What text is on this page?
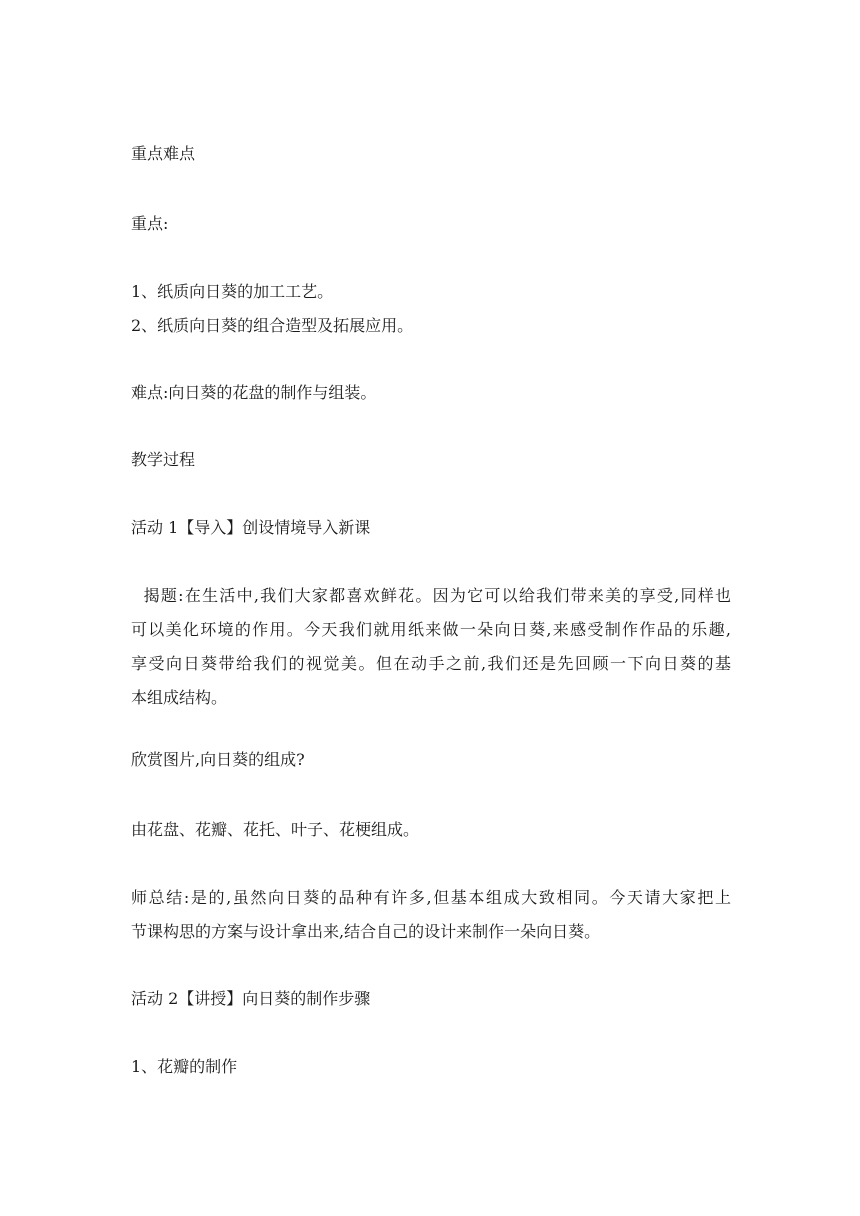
重点难点
重点:
1、纸质向日葵的加工工艺。
2、纸质向日葵的组合造型及拓展应用。
难点:向日葵的花盘的制作与组装。
教学过程
活动 1【导入】创设情境导入新课
揭题:在生活中,我们大家都喜欢鲜花。因为它可以给我们带来美的享受,同样也
可以美化环境的作用。今天我们就用纸来做一朵向日葵,来感受制作作品的乐趣,
享受向日葵带给我们的视觉美。但在动手之前,我们还是先回顾一下向日葵的基
本组成结构。
欣赏图片,向日葵的组成?
由花盘、花瓣、花托、叶子、花梗组成。
师总结:是的,虽然向日葵的品种有许多,但基本组成大致相同。今天请大家把上
节课构思的方案与设计拿出来,结合自己的设计来制作一朵向日葵。
活动 2【讲授】向日葵的制作步骤
1、花瓣的制作
